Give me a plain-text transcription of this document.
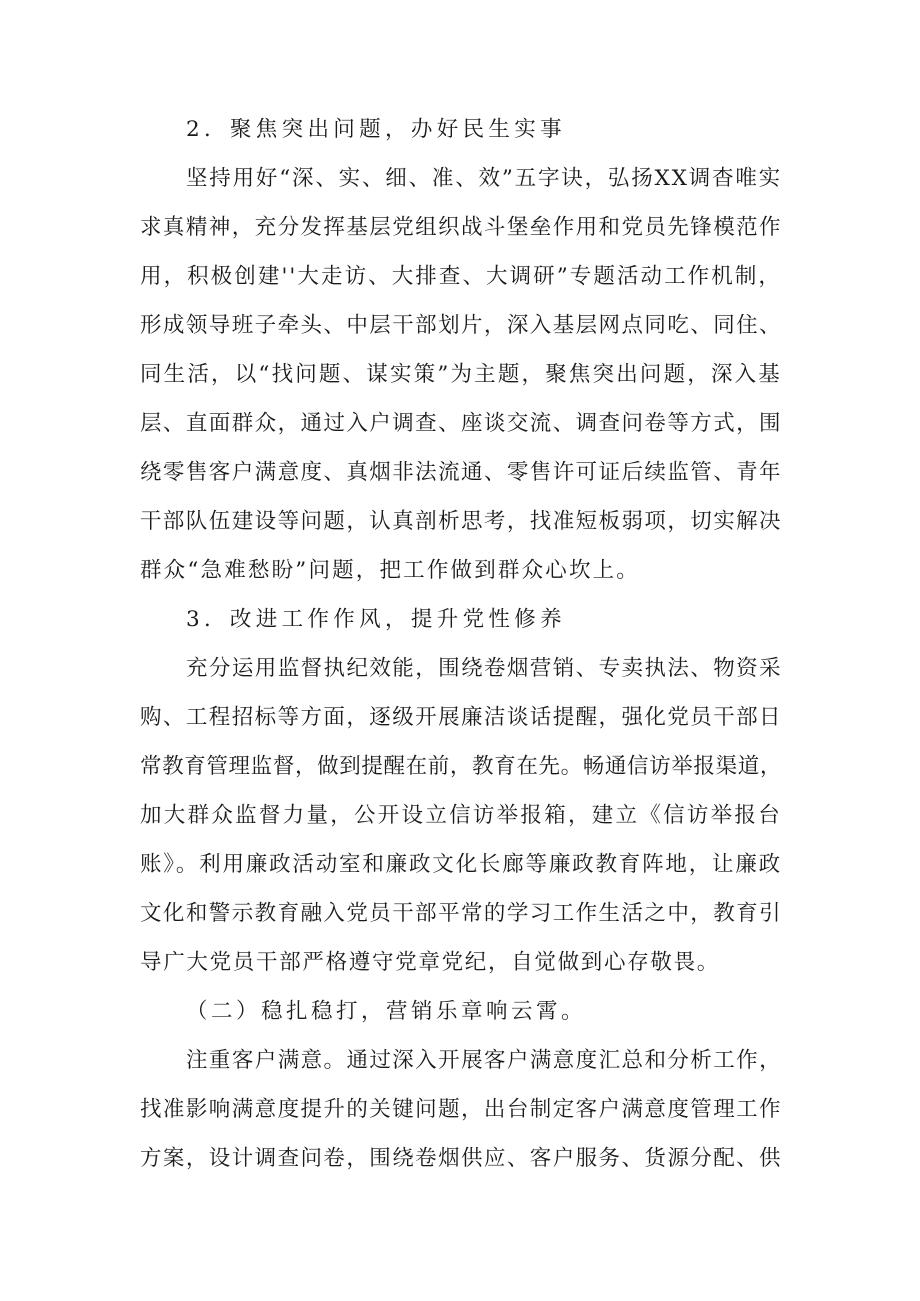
2．聚焦突出问题，办好民生实事
坚持用好“深、实、细、准、效”五字诀，弘扬XX调杳唯实
求真精神，充分发挥基层党组织战斗堡垒作用和党员先锋模范作
用，积极创建''大走访、大排查、大调研”专题活动工作机制，
形成领导班子牵头、中层干部划片，深入基层网点同吃、同住、
同生活，以“找问题、谋实策”为主题，聚焦突出问题，深入基
层、直面群众，通过入户调查、座谈交流、调查问卷等方式，围
绕零售客户满意度、真烟非法流通、零售许可证后续监管、青年
干部队伍建设等问题，认真剖析思考，找准短板弱项，切实解决
群众“急难愁盼”问题，把工作做到群众心坎上。
3．改进工作作风，提升党性修养
充分运用监督执纪效能，围绕卷烟营销、专卖执法、物资采
购、工程招标等方面，逐级开展廉洁谈话提醒，强化党员干部日
常教育管理监督，做到提醒在前，教育在先。畅通信访举报渠道，
加大群众监督力量，公开设立信访举报箱，建立《信访举报台
账》。利用廉政活动室和廉政文化长廊等廉政教育阵地，让廉政
文化和警示教育融入党员干部平常的学习工作生活之中，教育引
导广大党员干部严格遵守党章党纪，自觉做到心存敬畏。
（二）稳扎稳打，营销乐章响云霄。
注重客户满意。通过深入开展客户满意度汇总和分析工作，
找准影响满意度提升的关键问题，出台制定客户满意度管理工作
方案，设计调查问卷，围绕卷烟供应、客户服务、货源分配、供
